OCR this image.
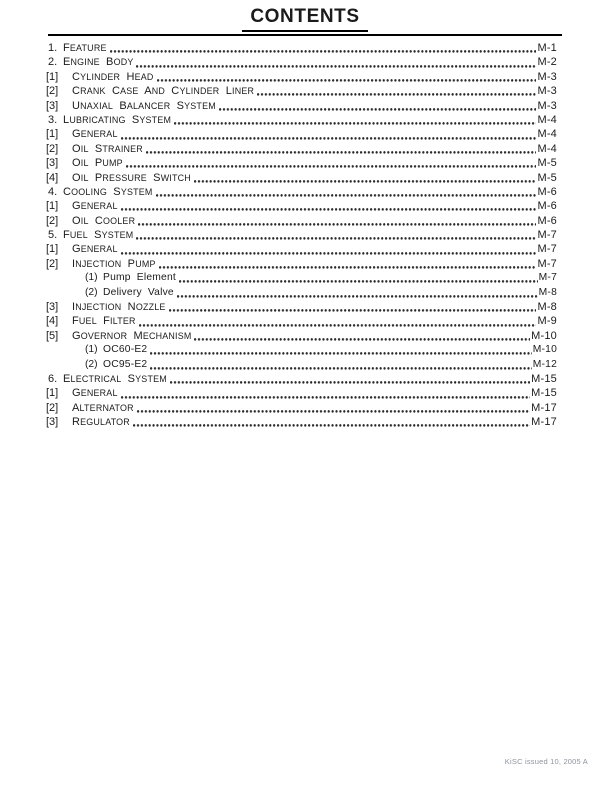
CONTENTS
1. FEATURE	M-1
2. ENGINE BODY	M-2
[1]	CYLINDER HEAD	M-3
[2]	CRANK CASE AND CYLINDER LINER	M-3
[3]	UNAXIAL BALANCER SYSTEM	M-3
3. LUBRICATING SYSTEM	M-4
[1]	GENERAL	M-4
[2]	OIL STRAINER	M-4
[3]	OIL PUMP	M-5
[4]	OIL PRESSURE SWITCH	M-5
4. COOLING SYSTEM	M-6
[1]	GENERAL	M-6
[2]	OIL COOLER	M-6
5. FUEL SYSTEM	M-7
[1]	GENERAL	M-7
[2]	INJECTION PUMP	M-7
(1) Pump Element	M-7
(2) Delivery Valve	M-8
[3]	INJECTION NOZZLE	M-8
[4]	FUEL FILTER	M-9
[5]	GOVERNOR MECHANISM	M-10
(1) OC60-E2	M-10
(2) OC95-E2	M-12
6. ELECTRICAL SYSTEM	M-15
[1]	GENERAL	M-15
[2]	ALTERNATOR	M-17
[3]	REGULATOR	M-17
KiSC issued 10, 2005 A
